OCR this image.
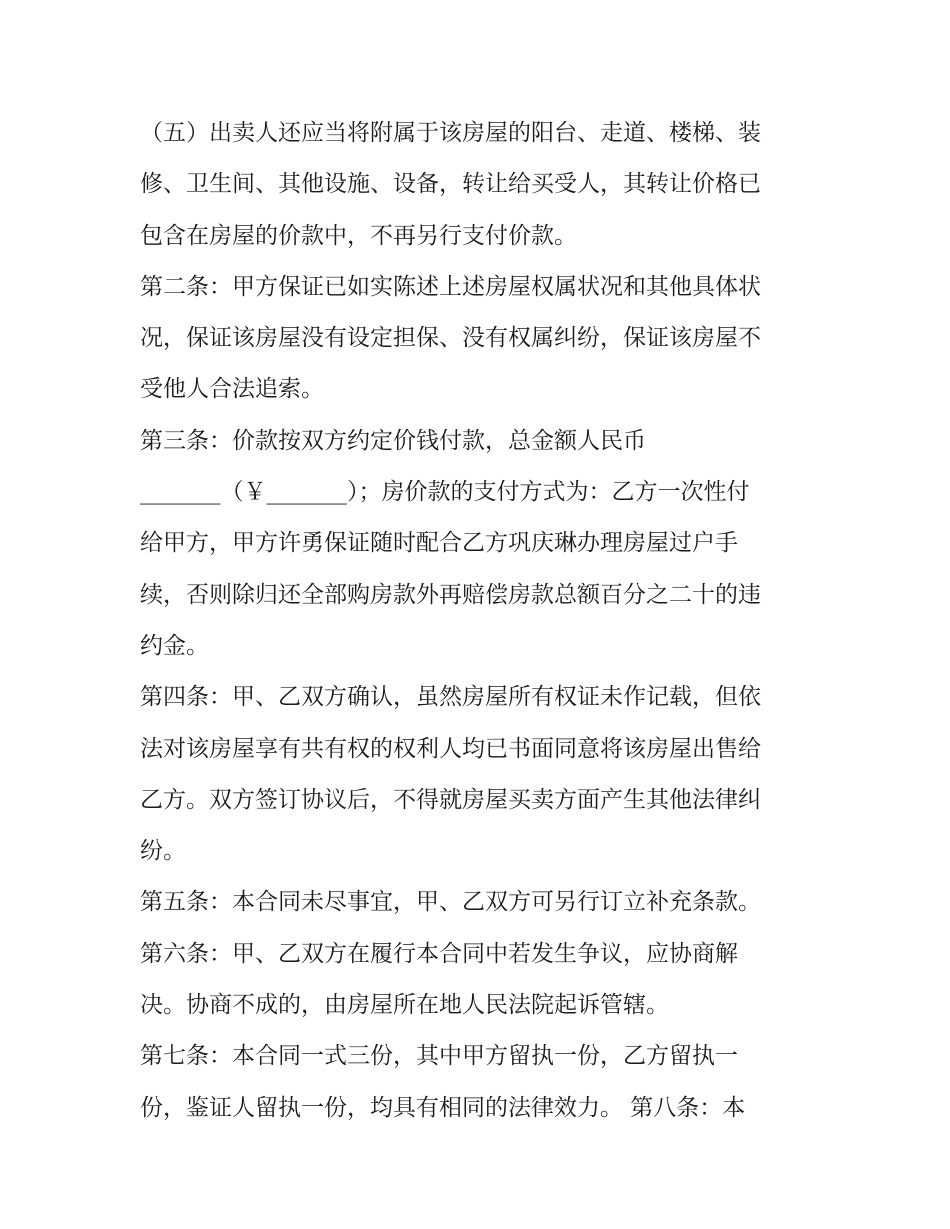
（五）出卖人还应当将附属于该房屋的阳台、走道、楼梯、装
修、卫生间、其他设施、设备，转让给买受人，其转让价格已
包含在房屋的价款中，不再另行支付价款。
第二条：甲方保证已如实陈述上述房屋权属状况和其他具体状
况，保证该房屋没有设定担保、没有权属纠纷，保证该房屋不
受他人合法追索。
第三条：价款按双方约定价钱付款，总金额人民币
_______（￥_______）；房价款的支付方式为：乙方一次性付
给甲方，甲方许勇保证随时配合乙方巩庆琳办理房屋过户手
续，否则除归还全部购房款外再赔偿房款总额百分之二十的违
约金。
第四条：甲、乙双方确认，虽然房屋所有权证未作记载，但依
法对该房屋享有共有权的权利人均已书面同意将该房屋出售给
乙方。双方签订协议后，不得就房屋买卖方面产生其他法律纠
纷。
第五条：本合同未尽事宜，甲、乙双方可另行订立补充条款。
第六条：甲、乙双方在履行本合同中若发生争议，应协商解
决。协商不成的，由房屋所在地人民法院起诉管辖。
第七条：本合同一式三份，其中甲方留执一份，乙方留执一
份，鉴证人留执一份，均具有相同的法律效力。 第八条：本
